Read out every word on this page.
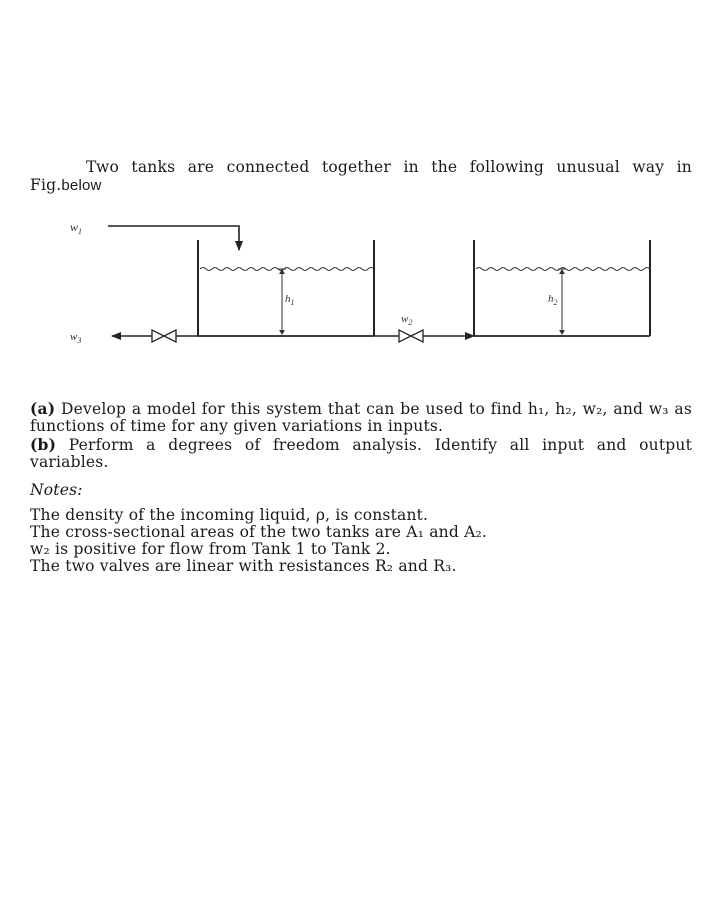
Two tanks are connected together in the following unusual way in Fig.below
$w_1$
$h_1$	$h_2$
$w_2$
$w_3$

(a) Develop a model for this system that can be used to find h₁, h₂, w₂, and w₃ as functions of time for any given variations in inputs.

(b) Perform a degrees of freedom analysis. Identify all input and output variables.

Notes:

The density of the incoming liquid, ρ, is constant.

The cross-sectional areas of the two tanks are A₁ and A₂.

w₂ is positive for flow from Tank 1 to Tank 2.

The two valves are linear with resistances R₂ and R₃.
